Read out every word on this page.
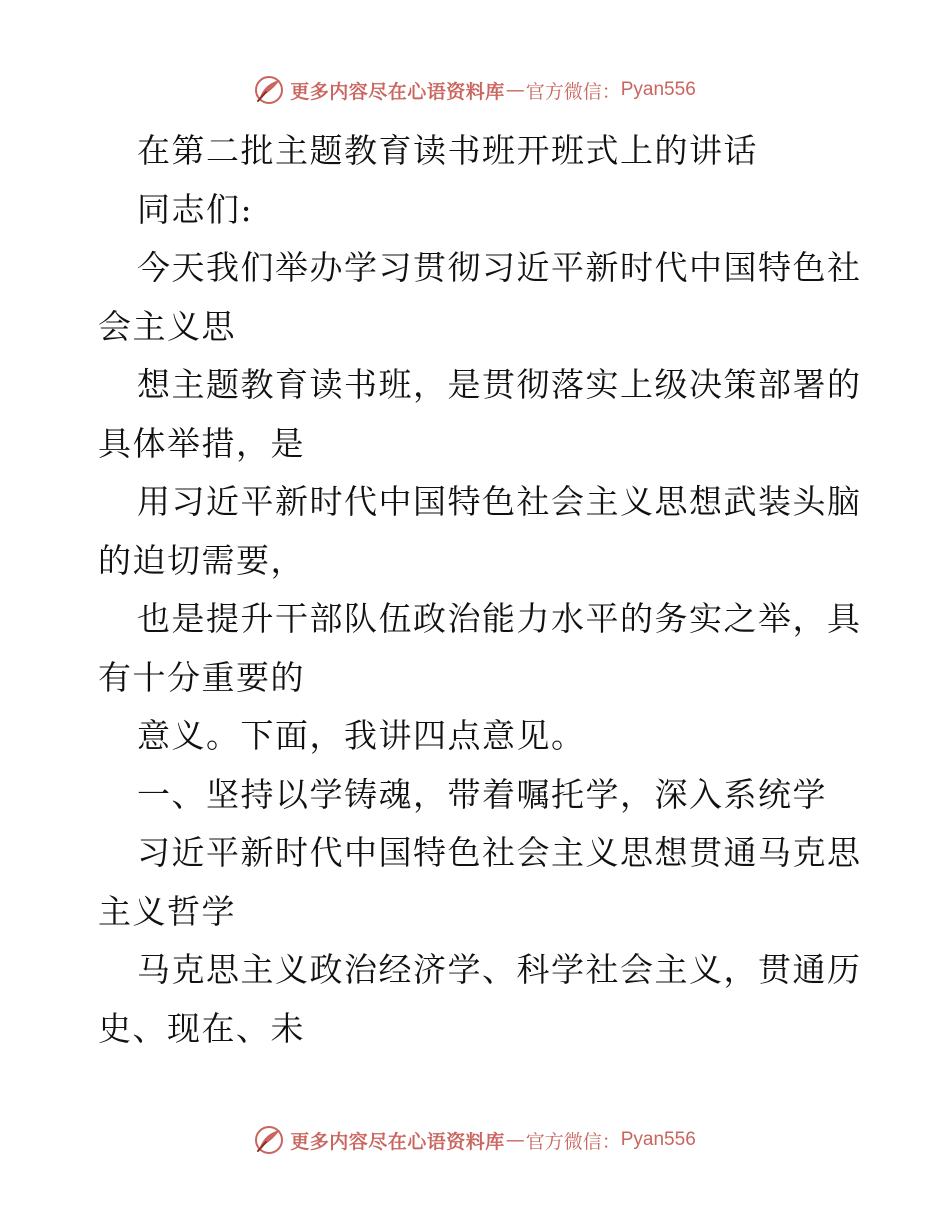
更多内容尽在心语资料库 — 官方微信： Pyan556
在第二批主题教育读书班开班式上的讲话
同志们:
今天我们举办学习贯彻习近平新时代中国特色社
会主义思
想主题教育读书班，是贯彻落实上级决策部署的
具体举措，是
用习近平新时代中国特色社会主义思想武装头脑
的迫切需要，
也是提升干部队伍政治能力水平的务实之举，具
有十分重要的
意义。下面，我讲四点意见。
一、坚持以学铸魂，带着嘱托学，深入系统学
习近平新时代中国特色社会主义思想贯通马克思
主义哲学
马克思主义政治经济学、科学社会主义，贯通历
史、现在、未
更多内容尽在心语资料库 — 官方微信： Pyan556
